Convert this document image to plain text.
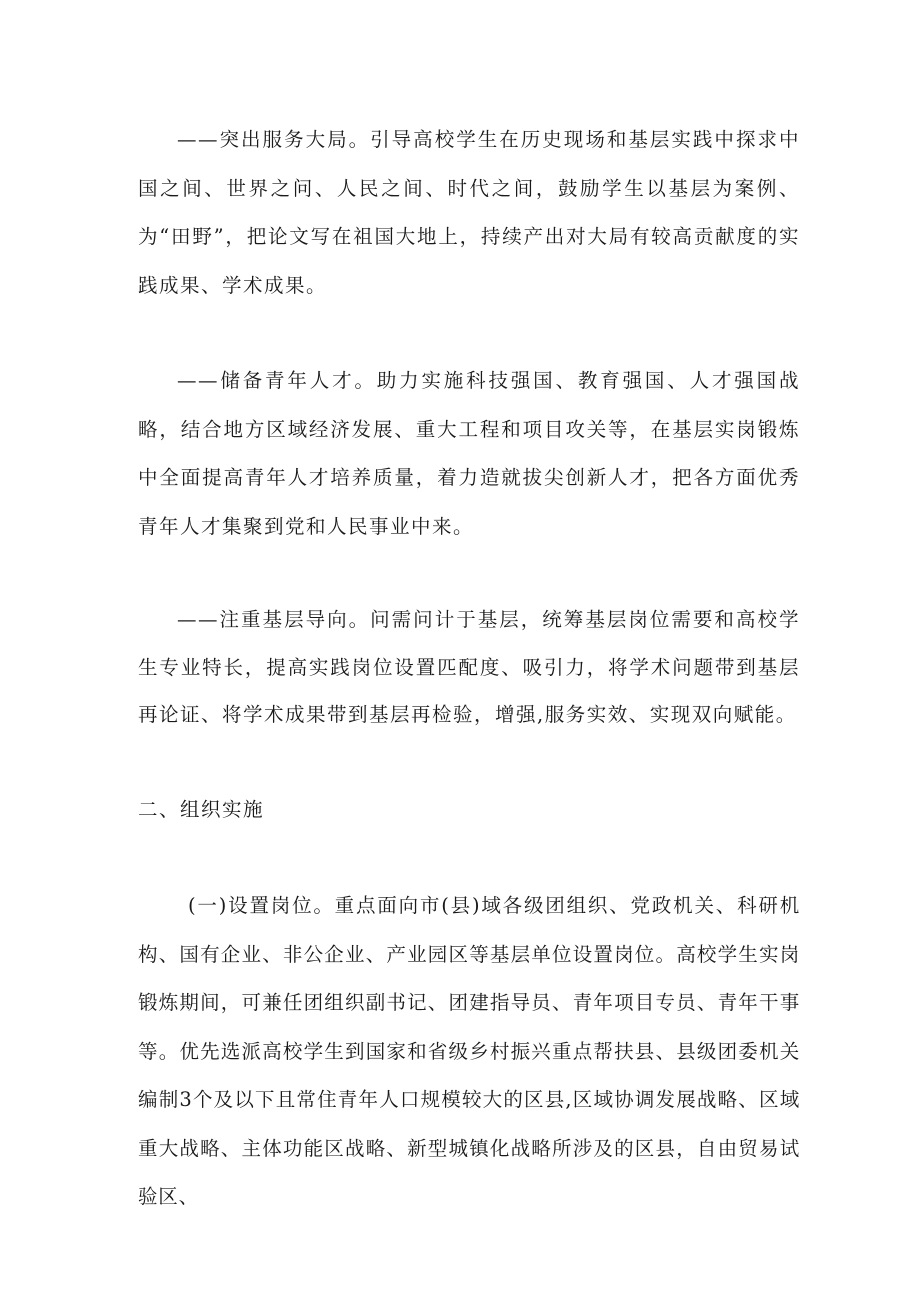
——突出服务大局。引导高校学生在历史现场和基层实践中探求中国之间、世界之问、人民之间、时代之间，鼓励学生以基层为案例、为“田野”，把论文写在祖国大地上，持续产出对大局有较高贡献度的实践成果、学术成果。

——储备青年人才。助力实施科技强国、教育强国、人才强国战略，结合地方区域经济发展、重大工程和项目攻关等，在基层实岗锻炼中全面提高青年人才培养质量，着力造就拔尖创新人才，把各方面优秀青年人才集聚到党和人民事业中来。

——注重基层导向。问需问计于基层，统筹基层岗位需要和高校学生专业特长，提高实践岗位设置匹配度、吸引力，将学术问题带到基层再论证、将学术成果带到基层再检验，增强,服务实效、实现双向赋能。

二、组织实施

(一)设置岗位。重点面向市(县)域各级团组织、党政机关、科研机构、国有企业、非公企业、产业园区等基层单位设置岗位。高校学生实岗锻炼期间，可兼任团组织副书记、团建指导员、青年项目专员、青年干事等。优先选派高校学生到国家和省级乡村振兴重点帮扶县、县级团委机关编制3个及以下且常住青年人口规模较大的区县,区域协调发展战略、区域重大战略、主体功能区战略、新型城镇化战略所涉及的区县，自由贸易试验区、
